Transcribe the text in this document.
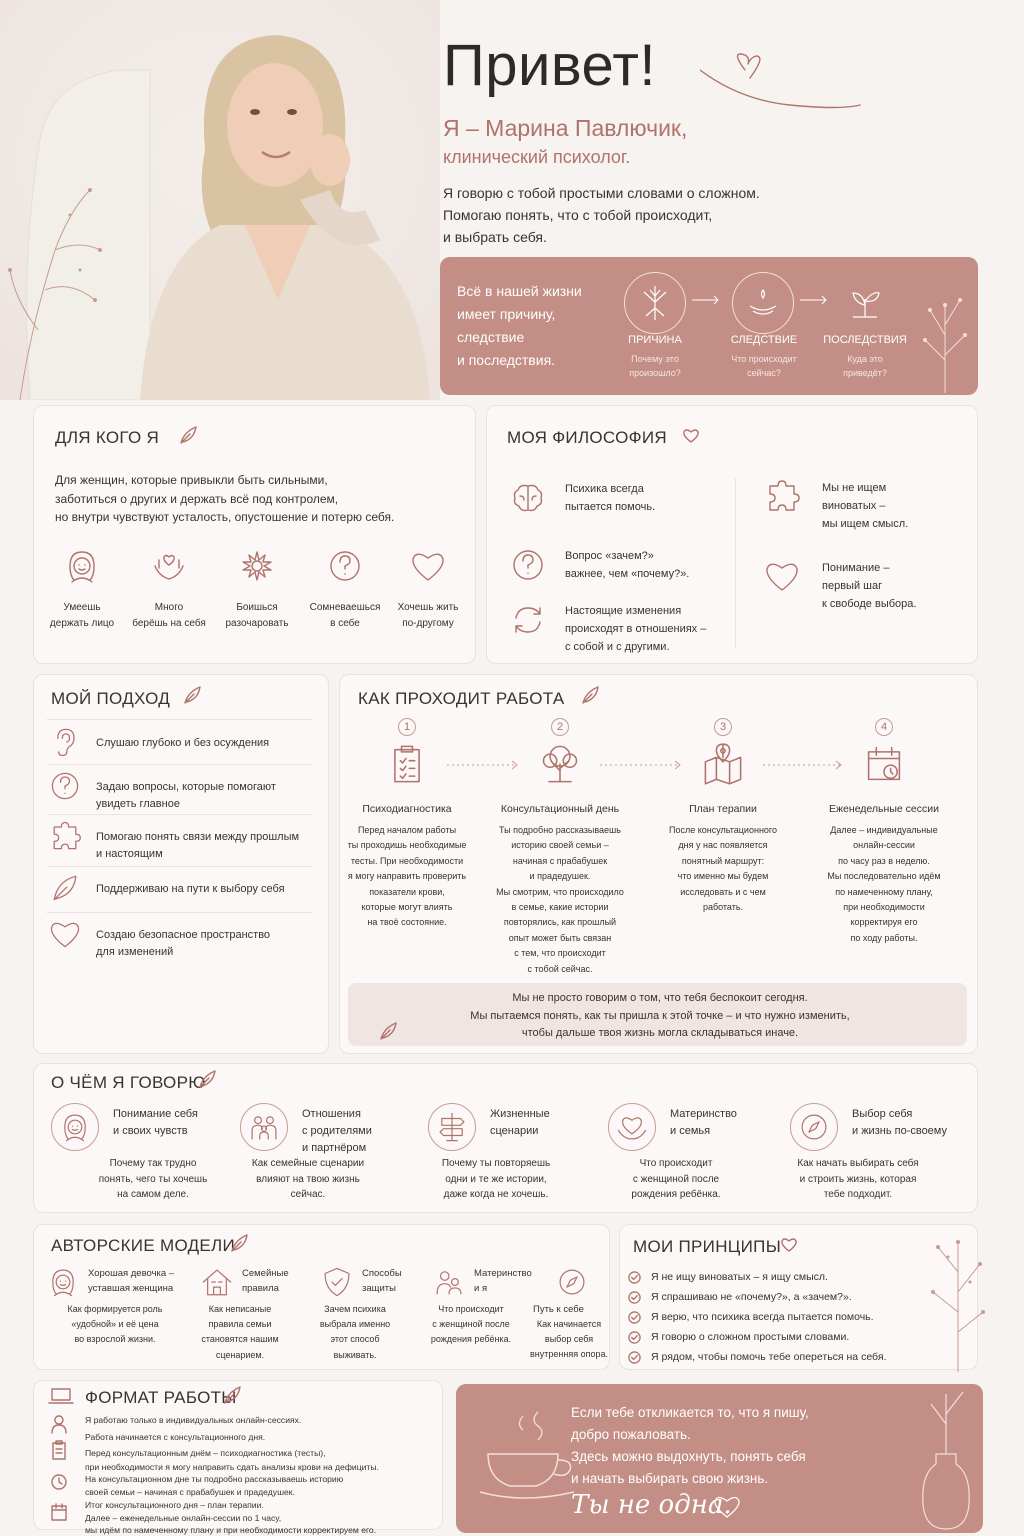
Привет!
Я – Марина Павлючик,
клинический психолог.
Я говорю с тобой простыми словами о сложном.
Помогаю понять, что с тобой происходит,
и выбрать себя.
Всё в нашей жизни
имеет причину,
следствие
и последствия.
ПРИЧИНА
Почему это
произошло?
СЛЕДСТВИЕ
Что происходит
сейчас?
ПОСЛЕДСТВИЯ
Куда это
приведёт?
ДЛЯ КОГО Я
Для женщин, которые привыкли быть сильными,
заботиться о других и держать всё под контролем,
но внутри чувствуют усталость, опустошение и потерю себя.
Умеешь
держать лицо
Много
берёшь на себя
Боишься
разочаровать
Сомневаешься
в себе
Хочешь жить
по-другому
МОЯ ФИЛОСОФИЯ
Психика всегда
пытается помочь.
Вопрос «зачем?»
важнее, чем «почему?».
Настоящие изменения
происходят в отношениях –
с собой и с другими.
Мы не ищем
виноватых –
мы ищем смысл.
Понимание –
первый шаг
к свободе выбора.
МОЙ ПОДХОД
Слушаю глубоко и без осуждения
Задаю вопросы, которые помогают
увидеть главное
Помогаю понять связи между прошлым
и настоящим
Поддерживаю на пути к выбору себя
Создаю безопасное пространство
для изменений
КАК ПРОХОДИТ РАБОТА
1
Психодиагностика
Перед началом работы
ты проходишь необходимые
тесты. При необходимости
я могу направить проверить
показатели крови,
которые могут влиять
на твоё состояние.
2
Консультационный день
Ты подробно рассказываешь
историю своей семьи –
начиная с прабабушек
и прадедушек.
Мы смотрим, что происходило
в семье, какие истории
повторялись, как прошлый
опыт может быть связан
с тем, что происходит
с тобой сейчас.
3
План терапии
После консультационного
дня у нас появляется
понятный маршрут:
что именно мы будем
исследовать и с чем
работать.
4
Еженедельные сессии
Далее – индивидуальные
онлайн-сессии
по часу раз в неделю.
Мы последовательно идём
по намеченному плану,
при необходимости
корректируя его
по ходу работы.
Мы не просто говорим о том, что тебя беспокоит сегодня.
Мы пытаемся понять, как ты пришла к этой точке – и что нужно изменить,
чтобы дальше твоя жизнь могла складываться иначе.
О ЧЁМ Я ГОВОРЮ
Понимание себя
и своих чувств
Почему так трудно
понять, чего ты хочешь
на самом деле.
Отношения
с родителями
и партнёром
Как семейные сценарии
влияют на твою жизнь
сейчас.
Жизненные
сценарии
Почему ты повторяешь
одни и те же истории,
даже когда не хочешь.
Материнство
и семья
Что происходит
с женщиной после
рождения ребёнка.
Выбор себя
и жизнь по-своему
Как начать выбирать себя
и строить жизнь, которая
тебе подходит.
АВТОРСКИЕ МОДЕЛИ
Хорошая девочка –
уставшая женщина
Как формируется роль
«удобной» и её цена
во взрослой жизни.
Семейные
правила
Как неписаные
правила семьи
становятся нашим
сценарием.
Способы
защиты
Зачем психика
выбрала именно
этот способ
выживать.
Материнство
и я
Что происходит
с женщиной после
рождения ребёнка.
Путь к себе
Как начинается
выбор себя
внутренняя опора.
МОИ ПРИНЦИПЫ
Я не ищу виноватых – я ищу смысл.
Я спрашиваю не «почему?», а «зачем?».
Я верю, что психика всегда пытается помочь.
Я говорю о сложном простыми словами.
Я рядом, чтобы помочь тебе опереться на себя.
ФОРМАТ РАБОТЫ
Я работаю только в индивидуальных онлайн-сессиях.
Работа начинается с консультационного дня.
Перед консультационным днём – психодиагностика (тесты),
при необходимости я могу направить сдать анализы крови на дефициты.
На консультационном дне ты подробно рассказываешь историю
своей семьи – начиная с прабабушек и прадедушек.
Итог консультационного дня – план терапии.
Далее – еженедельные онлайн-сессии по 1 часу,
мы идём по намеченному плану и при необходимости корректируем его.
Если тебе откликается то, что я пишу,
добро пожаловать.
Здесь можно выдохнуть, понять себя
и начать выбирать свою жизнь.
Ты не одна.
